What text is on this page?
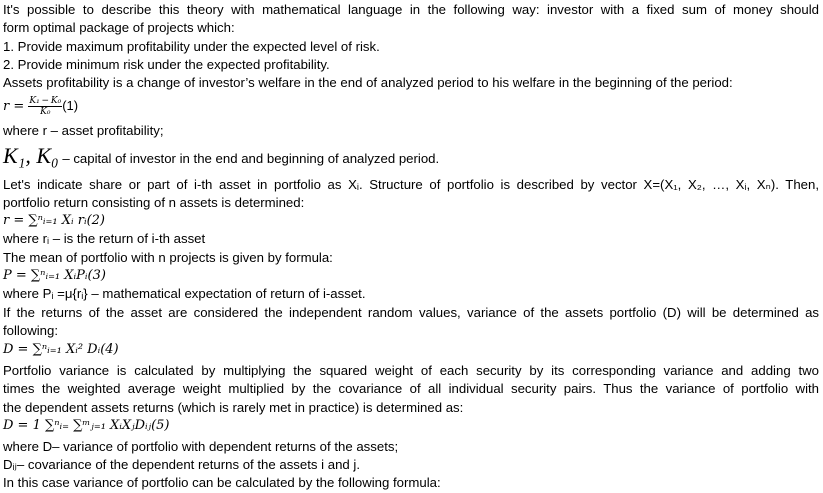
It's possible to describe this theory with mathematical language in the following way: investor with a fixed sum of money should
form optimal package of projects which:
1. Provide maximum profitability under the expected level of risk.
2. Provide minimum risk under the expected profitability.
Assets profitability is a change of investor’s welfare in the end of analyzed period to his welfare in the beginning of the period:
$r = \frac{\text{K₁ − K₀}}{\text{K₀}} (1)$
where r – asset profitability;
K₁, K₀ – capital of investor in the end and beginning of analyzed period.
Let's indicate share or part of i-th asset in portfolio as Xᵢ. Structure of portfolio is described by vector X=(X₁, X₂, …, Xᵢ, Xₙ). Then,
portfolio return consisting of n assets is determined:
r = ∑ⁿᵢ₌₁ Xᵢ rᵢ(2)
where rᵢ – is the return of i-th asset
The mean of portfolio with n projects is given by formula:
P = ∑ⁿᵢ₌₁ XᵢPᵢ(3)
where Pᵢ =μ{rᵢ} – mathematical expectation of return of i-asset.
If the returns of the asset are considered the independent random values, variance of the assets portfolio (D) will be determined as
following:
D = ∑ⁿᵢ₌₁ Xᵢ² Dᵢ(4)
Portfolio variance is calculated by multiplying the squared weight of each security by its corresponding variance and adding two
times the weighted average weight multiplied by the covariance of all individual security pairs. Thus the variance of portfolio with
the dependent assets returns (which is rarely met in practice) is determined as:
D = 1 ∑ⁿᵢ₌ ∑ᵐⱼ₌₁ XᵢXⱼDᵢⱼ(5)
where D– variance of portfolio with dependent returns of the assets;
Dᵢⱼ– covariance of the dependent returns of the assets i and j.
In this case variance of portfolio can be calculated by the following formula:
